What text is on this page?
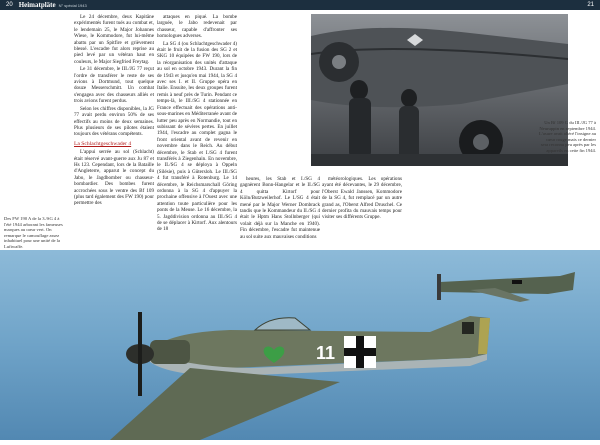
20 Heimatpläte N° spécial 1943	21

Le 24 décembre, deux Kapitäne expérimentés furent tués au combat et, le lendemain 25, le Major Johannes Wiese, le Kommodore, fut lui-même abattu par un Spitfire et grièvement blessé. L'escadre fut alors reprise au pied levé par un vétéran haut en couleurs, le Major Siegfried Freytag.

Le 31 décembre, le III./JG 77 reçut l'ordre de transférer le reste de ses avions à Dortmund, tout quelque douze Messerschmitt. Un combat s'engagea avec des chasseurs alliés et trois avions furent perdus.

Selon les chiffres disponibles, la JG 77 avait perdu environ 50% de ses effectifs au moins de deux semaines. Plus plusieurs de ses pilotes étaient toujours des vétérans compétents.

La Schlachtgeschwader 4

L'appui serrée au sol (Schlacht) était réservé avant-guerre aux Ju 87 et Hs 123. Cependant, lors de la Bataille d'Angleterre, apparut le concept du Jabo, le Jagdbomber ou chasseur-bombardier. Des bombes furent accrochées sous le ventre des Bf 109 (plus tard également des FW 190) pour permettre des

attaques en piqué. La bombe larguée, le Jabo redevenait par chasseur, capable d'affronter ses homologues adverses.

La SG 4 (ou Schlachtgeschwader 4) était le fruit de la fusion des SG 2 et SKG 10 équipées de FW 190, lors de la réorganisation des unités d'attaque au sol en octobre 1943. Durant la fin de 1943 et jusqu'en mai 1944, la SG 4 avec ses I. et II. Gruppe opéra en Italie. Ensuite, les deux groupes furent remis à neuf près de Turin. Pendant ce temps-là, le III./SG 4 stationnée en France effectuait des opérations anti-sous-marines en Méditerranée avant de lutter peu après en Normandie, tout en subissant de sévères pertes. En juillet 1944, l'escadre au complet gagna le front oriental avant de revenir en novembre dans le Reich. Au début décembre, le Stab et I./SG 4 furent transférés à Ziegenhain. En novembre, le II./SG 4 se déploya à Oppeln (Silésie), puis à Gütersloh. Le III./SG 4 fut transféré à Rotenburg. Le 14 décembre, le Reichsmarschall Göring ordonna à la SG 4 d'appuyer la prochaine offensive à l'Ouest avec une attention toute particulière pour les ponts de la Meuse. Le 16 décembre, la 5. Jagddivision ordonna au III./SG 4 de se déplacer à Kirtorf. Aux alentours de 18

heures, les Stab et I./SG 4 gagnèrent Bonn-Hangelar et le II./SG 4 quitta Kirtorf pour Köln/Butzweilerhof. Le I./SG 4 était mené par le Major Werner Dombrack tandis que le Kommandeur du II./SG 4 était le Hptm Hans Stollnberger (qui volait déjà sur la Manche en 1940). Fin décembre, l'escadre fut maintenue au sol suite aux mauvaises conditions

météorologiques. Les opérations ayant été décevantes, le 29 décembre, l'Oberst Ewald Janssen, Kommodore de la SG 4, fut remplacé par un autre grand as, l'Oberst Alfred Druschel. Ce dernier profita du mauvais temps pour visiter ses différents Gruppe.

11
Des FW 190 A de la 3./SG 4 à l'été 1944 arborant les fameuses marques au cœur vert. On remarque le camouflage assez inhabituel pour une unité de la Luftwaffe.
Un Bf 109 G du III./JG 77 à Neuruppin en septembre 1944. L'usure avait altéré l'insigne au cœur rouge mais ce dernier sera reconnu peu après par les appareils en cette fin 1944.
